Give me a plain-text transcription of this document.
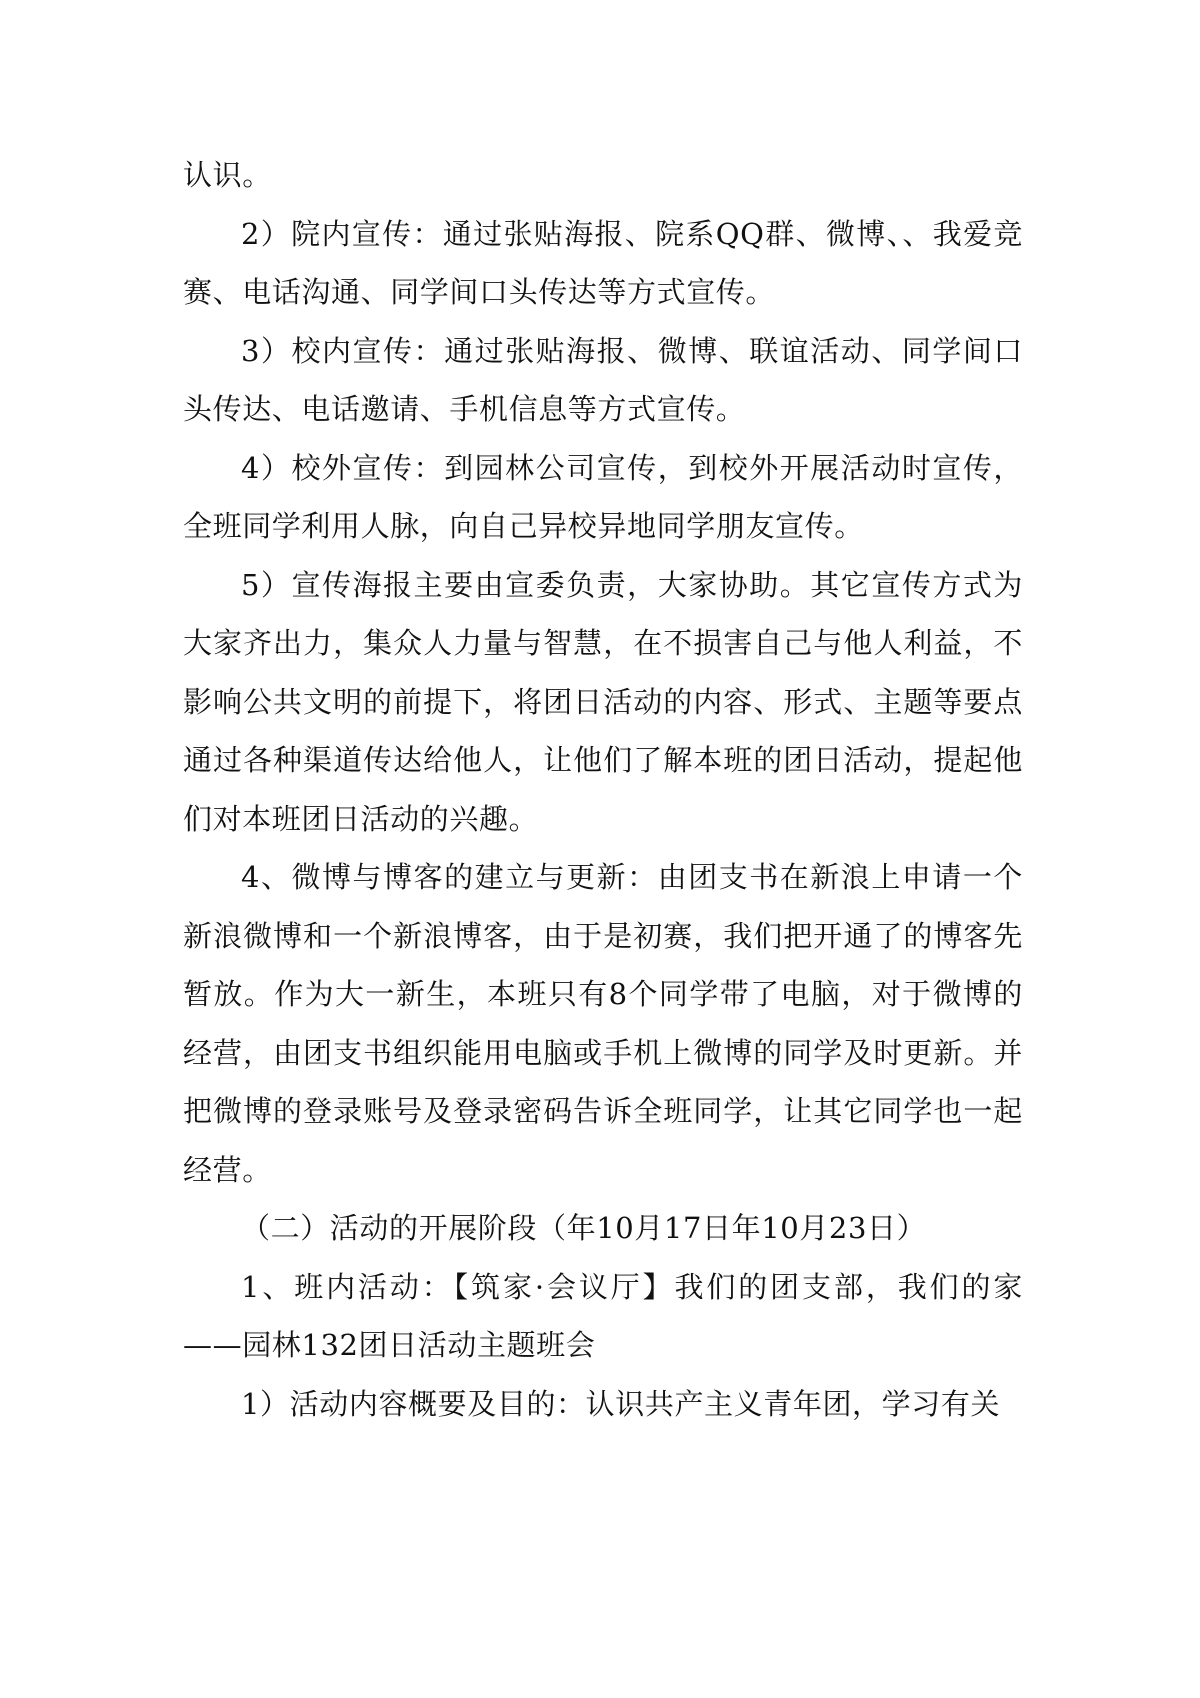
认识。

2）院内宣传：通过张贴海报、院系QQ群、微博、、我爱竞赛、电话沟通、同学间口头传达等方式宣传。

3）校内宣传：通过张贴海报、微博、联谊活动、同学间口头传达、电话邀请、手机信息等方式宣传。

4）校外宣传：到园林公司宣传，到校外开展活动时宣传，全班同学利用人脉，向自己异校异地同学朋友宣传。

5）宣传海报主要由宣委负责，大家协助。其它宣传方式为大家齐出力，集众人力量与智慧，在不损害自己与他人利益，不影响公共文明的前提下，将团日活动的内容、形式、主题等要点通过各种渠道传达给他人，让他们了解本班的团日活动，提起他们对本班团日活动的兴趣。

4、微博与博客的建立与更新：由团支书在新浪上申请一个新浪微博和一个新浪博客，由于是初赛，我们把开通了的博客先暂放。作为大一新生，本班只有8个同学带了电脑，对于微博的经营，由团支书组织能用电脑或手机上微博的同学及时更新。并把微博的登录账号及登录密码告诉全班同学，让其它同学也一起经营。

（二）活动的开展阶段（年10月17日年10月23日）

1、班内活动：【筑家·会议厅】我们的团支部，我们的家——园林132团日活动主题班会

1）活动内容概要及目的：认识共产主义青年团，学习有关
